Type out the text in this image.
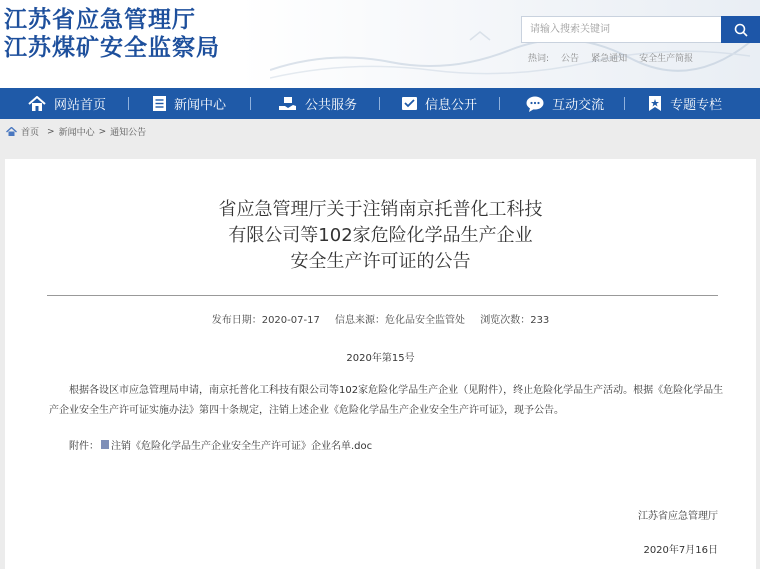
江苏省应急管理厅
江苏煤矿安全监察局
请输入搜索关键词
热词: 公告 紧急通知 安全生产简报
网站首页	新闻中心	公共服务	信息公开	互动交流	专题专栏
首页 > 新闻中心 > 通知公告
省应急管理厅关于注销南京托普化工科技
有限公司等102家危险化学品生产企业
安全生产许可证的公告
发布日期：2020-07-17 信息来源：危化品安全监管处 浏览次数：233
2020年第15号
根据各设区市应急管理局申请，南京托普化工科技有限公司等102家危险化学品生产企业（见附件），终止危险化学品生产活动。根据《危险化学品生产企业安全生产许可证实施办法》第四十条规定，注销上述企业《危险化学品生产企业安全生产许可证》，现予公告。
附件： 注销《危险化学品生产企业安全生产许可证》企业名单.doc
江苏省应急管理厅
2020年7月16日
